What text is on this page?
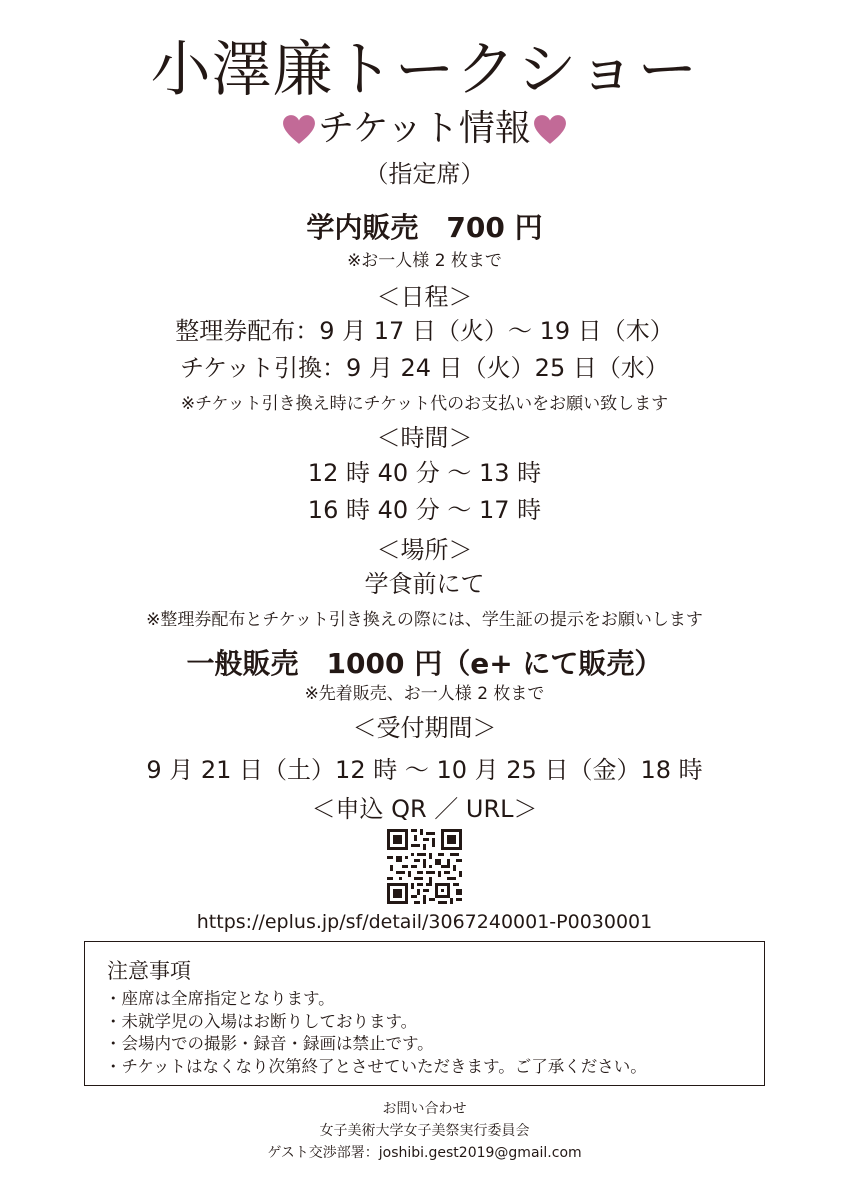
小澤廉トークショー
チケット情報
（指定席）
学内販売　700 円
※お一人様 2 枚まで
＜日程＞
整理券配布：9 月 17 日（火）～ 19 日（木）
チケット引換：9 月 24 日（火）25 日（水）
※チケット引き換え時にチケット代のお支払いをお願い致します
＜時間＞
12 時 40 分 ～ 13 時
16 時 40 分 ～ 17 時
＜場所＞
学食前にて
※整理券配布とチケット引き換えの際には、学生証の提示をお願いします
一般販売　1000 円（e+ にて販売）
※先着販売、お一人様 2 枚まで
＜受付期間＞
9 月 21 日（土）12 時 ～ 10 月 25 日（金）18 時
＜申込 QR ／ URL＞
https://eplus.jp/sf/detail/3067240001-P0030001
注意事項
・座席は全席指定となります。
・未就学児の入場はお断りしております。
・会場内での撮影・録音・録画は禁止です。
・チケットはなくなり次第終了とさせていただきます。ご了承ください。
お問い合わせ
女子美術大学女子美祭実行委員会
ゲスト交渉部署：joshibi.gest2019@gmail.com
